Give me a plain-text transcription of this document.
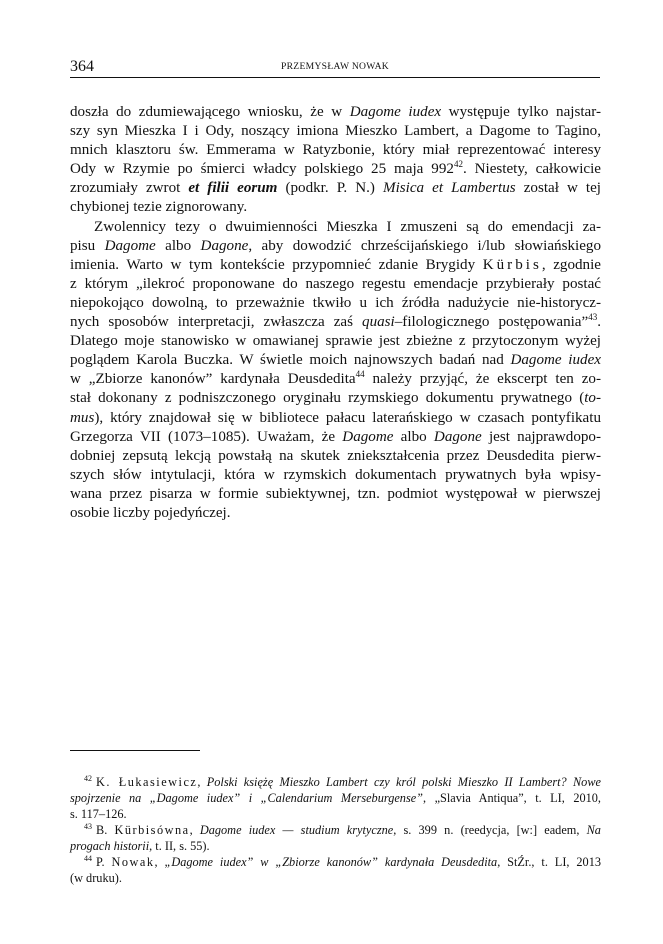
364	PRZEMYSŁAW NOWAK
doszła do zdumiewającego wniosku, że w Dagome iudex występuje tylko najstar-
szy syn Mieszka I i Ody, noszący imiona Mieszko Lambert, a Dagome to Tagino,
mnich klasztoru św. Emmerama w Ratyzbonie, który miał reprezentować interesy
Ody w Rzymie po śmierci władcy polskiego 25 maja $992^{42}$. Niestety, całkowicie
zrozumiały zwrot et filii eorum (podkr. P. N.) Misica et Lambertus został w tej
chybionej tezie zignorowany.
Zwolennicy tezy o dwuimienności Mieszka I zmuszeni są do emendacji za-
pisu Dagome albo Dagone, aby dowodzić chrześcijańskiego i/lub słowiańskiego
imienia. Warto w tym kontekście przypomnieć zdanie Brygidy Kürbis, zgodnie
z którym „ilekroć proponowane do naszego regestu emendacje przybierały postać
niepokojąco dowolną, to przeważnie tkwiło u ich źródła nadużycie nie-historycz-
nych sposobów interpretacji, zwłaszcza zaś quasi–filologicznego postępowania”$^{43}$.
Dlatego moje stanowisko w omawianej sprawie jest zbieżne z przytoczonym wyżej
poglądem Karola Buczka. W świetle moich najnowszych badań nad Dagome iudex
w „Zbiorze kanonów” kardynała Deusdedita$^{44}$ należy przyjąć, że ekscerpt ten zo-
stał dokonany z podniszczonego oryginału rzymskiego dokumentu prywatnego (to-
mus), który znajdował się w bibliotece pałacu laterańskiego w czasach pontyfikatu
Grzegorza VII (1073–1085). Uważam, że Dagome albo Dagone jest najprawdopo-
dobniej zepsutą lekcją powstałą na skutek zniekształcenia przez Deusdedita pierw-
szych słów intytulacji, która w rzymskich dokumentach prywatnych była wpisy-
wana przez pisarza w formie subiektywnej, tzn. podmiot występował w pierwszej
osobie liczby pojedyńczej.
$^{42}$ K. Łukasiewicz, Polski księżę Mieszko Lambert czy król polski Mieszko II Lambert? Nowe
spojrzenie na „Dagome iudex” i „Calendarium Merseburgense”, „Slavia Antiqua”, t. LI, 2010,
s. 117–126.
$^{43}$ B. Kürbisówna, Dagome iudex — studium krytyczne, s. 399 n. (reedycja, [w:] eadem, Na
progach historii, t. II, s. 55).
$^{44}$ P. Nowak, „Dagome iudex” w „Zbiorze kanonów” kardynała Deusdedita, StŹr., t. LI, 2013
(w druku).
